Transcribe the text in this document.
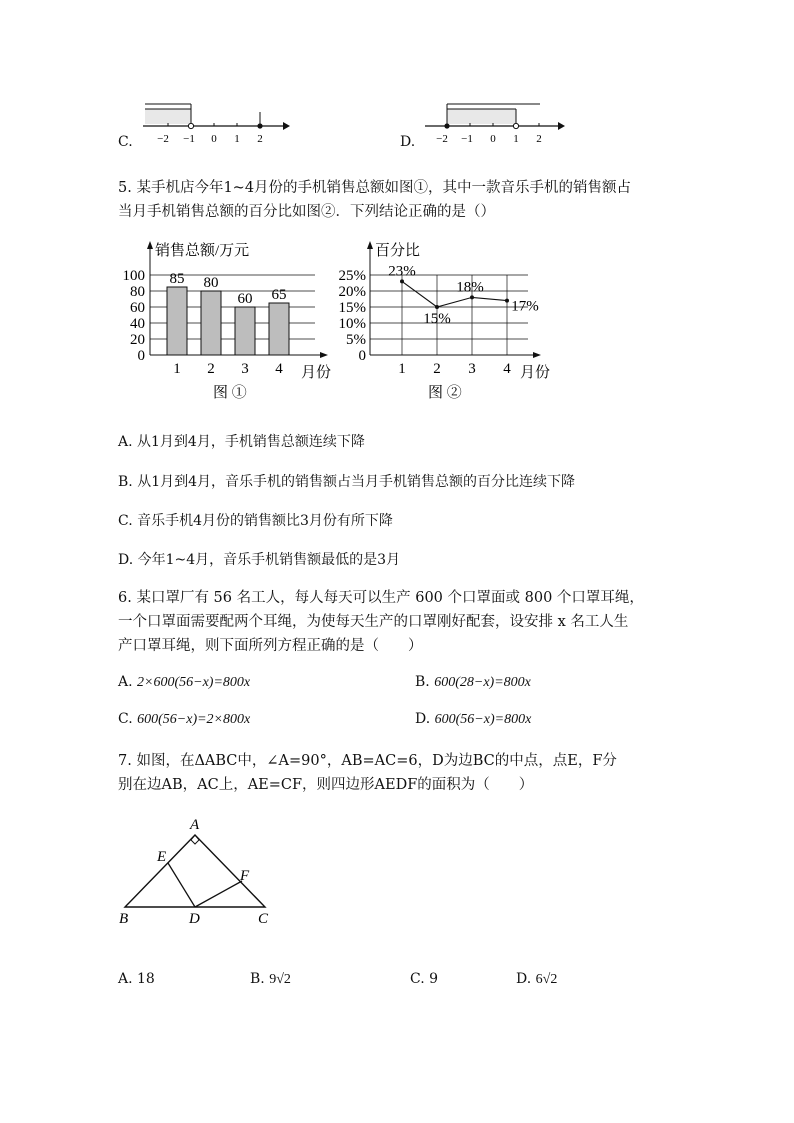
C. −2 −1 0 1 2	D. −2 −1 0 1 2
5. 某手机店今年1~4月份的手机销售总额如图①，其中一款音乐手机的销售额占
当月手机销售总额的百分比如图②．下列结论正确的是（）
销售总额/万元
0
20
40
60
80
100 85 80
60 65
1 2 3 4 月份
图 ①
百分比
0
5%
10%
15%
20%
25% 23%
15%
18%
17%
1 2 3 4 月份
图 ②
A. 从1月到4月，手机销售总额连续下降
B. 从1月到4月，音乐手机的销售额占当月手机销售总额的百分比连续下降
C. 音乐手机4月份的销售额比3月份有所下降
D. 今年1~4月，音乐手机销售额最低的是3月
6. 某口罩厂有 56 名工人，每人每天可以生产 600 个口罩面或 800 个口罩耳绳，
一个口罩面需要配两个耳绳，为使每天生产的口罩刚好配套，设安排 x 名工人生
产口罩耳绳，则下面所列方程正确的是（　　）
A. 2×600(56−x)=800x	B. 600(28−x)=800x
C. 600(56−x)=2×800x	D. 600(56−x)=800x
7. 如图，在ΔABC中，∠A=90°，AB=AC=6，D为边BC的中点，点E，F分
别在边AB，AC上，AE=CF，则四边形AEDF的面积为（　　）
A
B	C
D
E
F
A. 18	B. 9√2	C. 9	D. 6√2
